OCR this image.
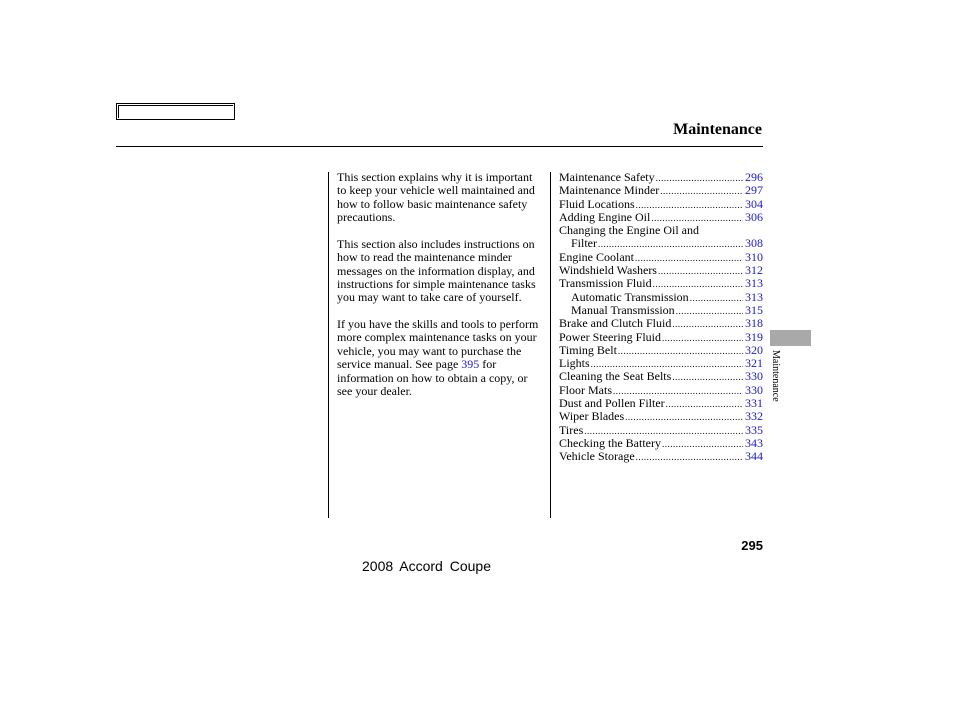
Maintenance

This section explains why it is important to keep your vehicle well maintained and how to follow basic maintenance safety precautions.

This section also includes instructions on how to read the maintenance minder messages on the information display, and instructions for simple maintenance tasks you may want to take care of yourself.

If you have the skills and tools to perform more complex maintenance tasks on your vehicle, you may want to purchase the service manual. See page 395 for information on how to obtain a copy, or see your dealer.

Maintenance Safety .....	296
Maintenance Minder .....	297
Fluid Locations .....	304
Adding Engine Oil .....	306
Changing the Engine Oil and
Filter .....	308
Engine Coolant .....	310
Windshield Washers .....	312
Transmission Fluid .....	313
Automatic Transmission .....	313
Manual Transmission .....	315
Brake and Clutch Fluid .....	318
Power Steering Fluid .....	319
Timing Belt .....	320
Lights .....	321
Cleaning the Seat Belts .....	330
Floor Mats .....	330
Dust and Pollen Filter .....	331
Wiper Blades .....	332
Tires .....	335
Checking the Battery .....	343
Vehicle Storage .....	344
Maintenance
295
2008 Accord Coupe
